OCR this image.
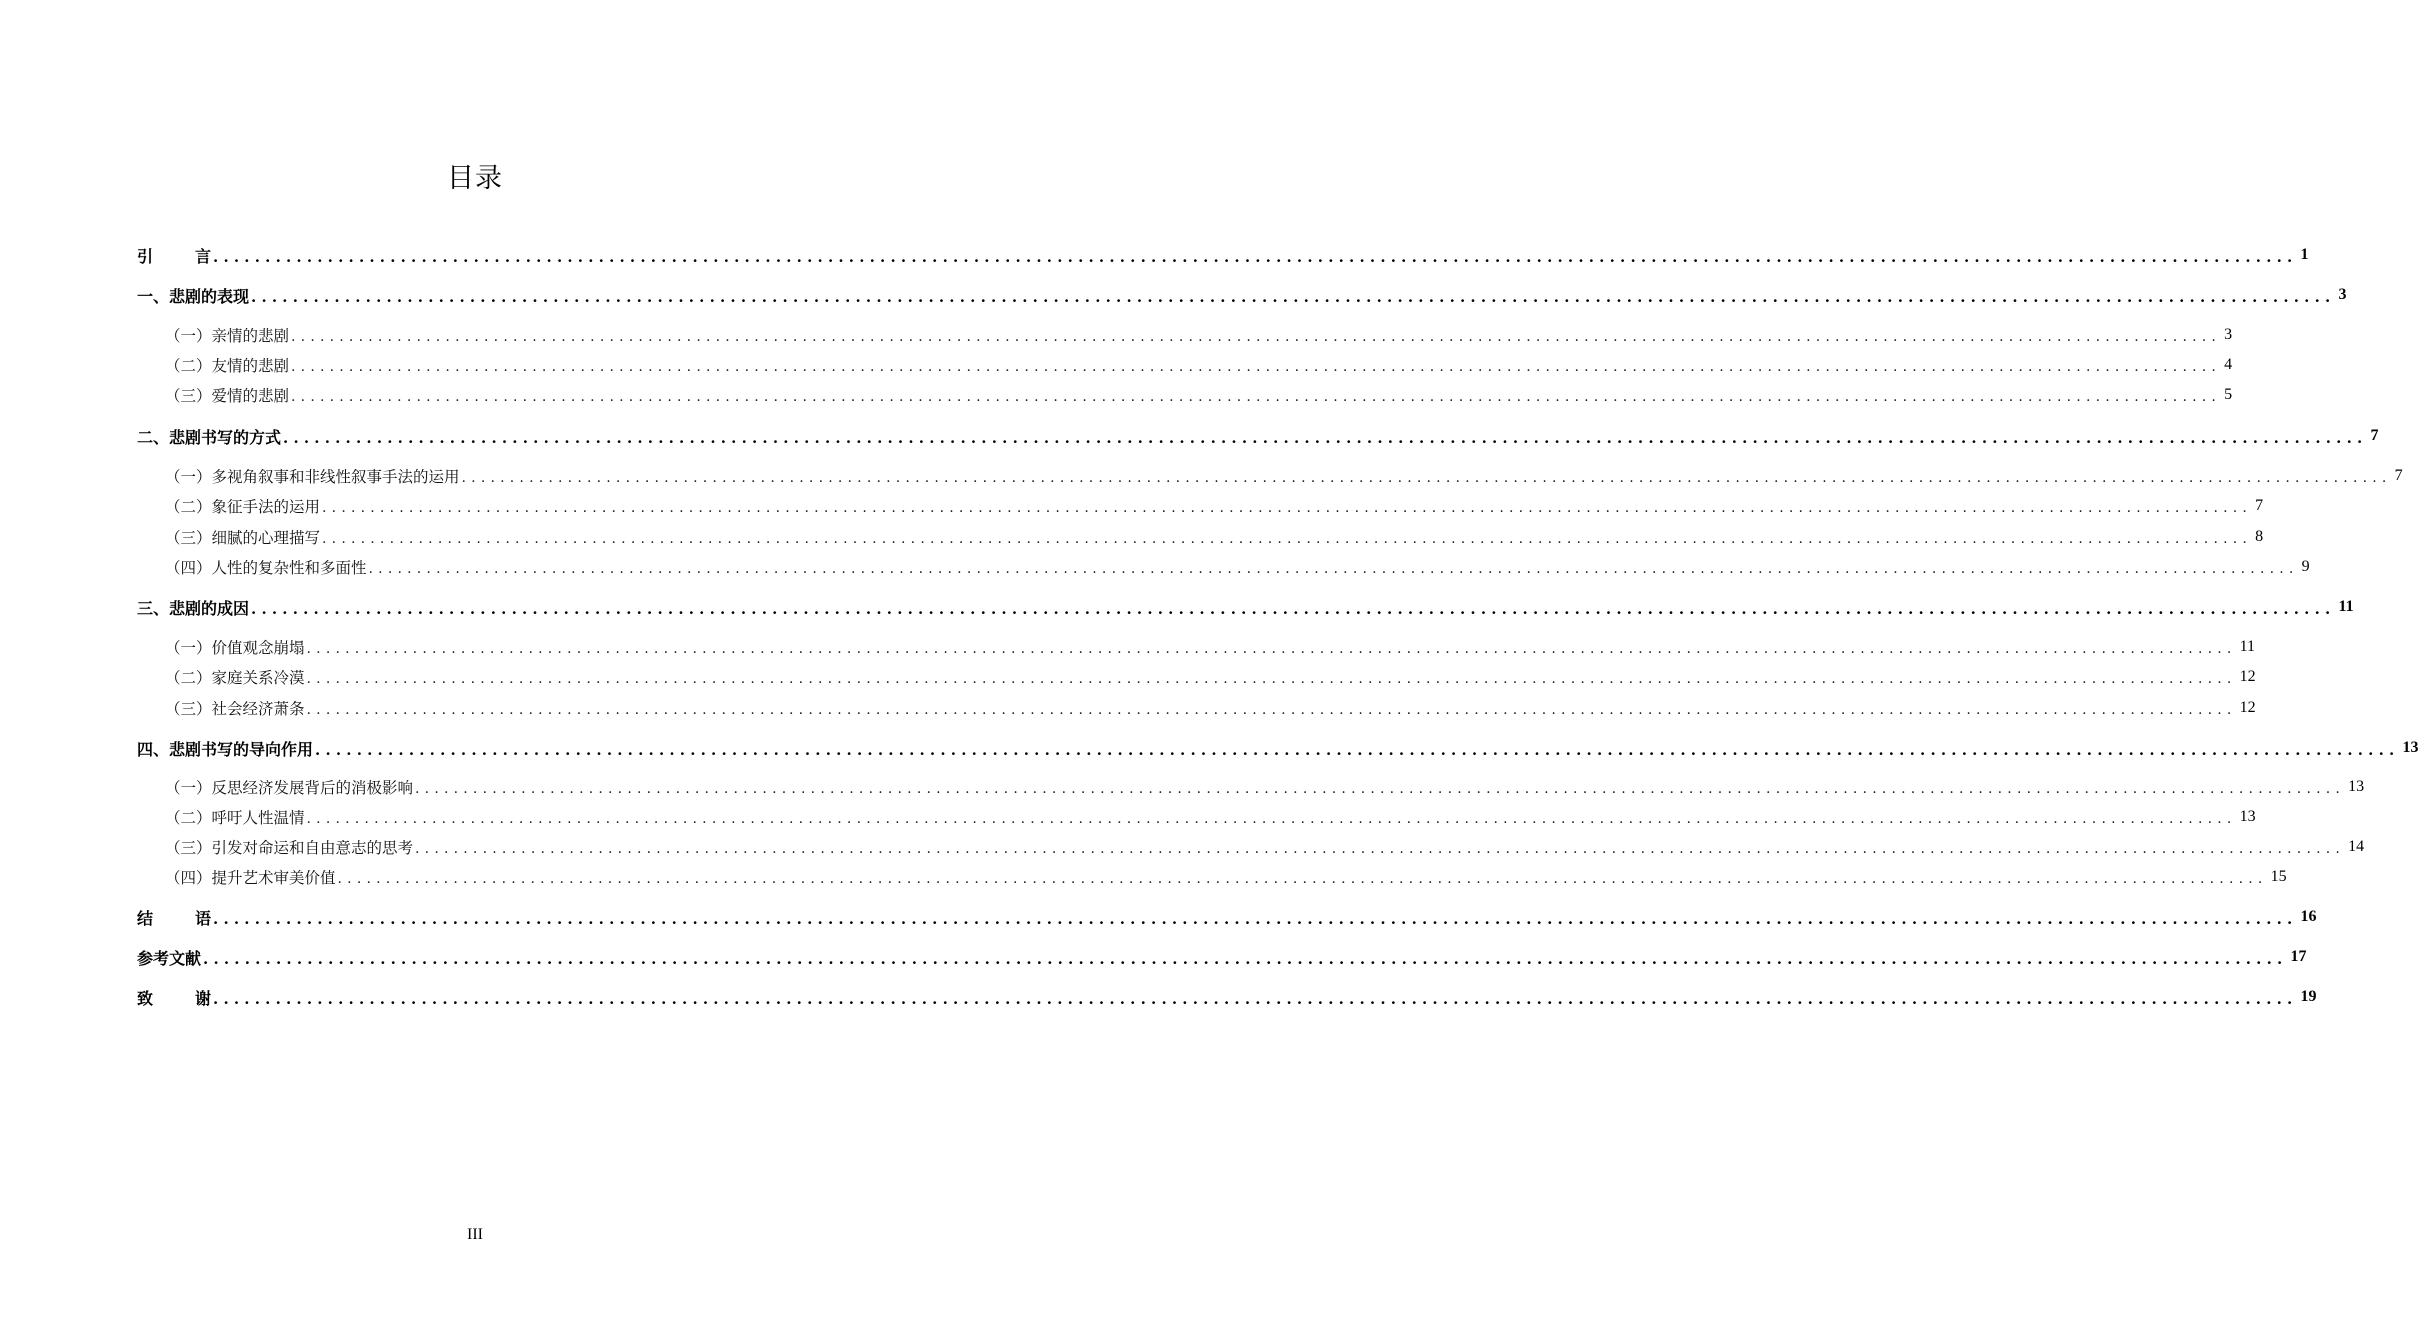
目录
引言 ........................................................................................................................................................................................................ 1
一、悲剧的表现 ........................................................................................................................................................................................................ 3
（一）亲情的悲剧 ........................................................................................................................................................................................................ 3
（二）友情的悲剧 ........................................................................................................................................................................................................ 4
（三）爱情的悲剧 ........................................................................................................................................................................................................ 5
二、悲剧书写的方式 ........................................................................................................................................................................................................ 7
（一）多视角叙事和非线性叙事手法的运用 ........................................................................................................................................................................................................ 7
（二）象征手法的运用 ........................................................................................................................................................................................................ 7
（三）细腻的心理描写 ........................................................................................................................................................................................................ 8
（四）人性的复杂性和多面性 ........................................................................................................................................................................................................ 9
三、悲剧的成因 ........................................................................................................................................................................................................ 11
（一）价值观念崩塌 ........................................................................................................................................................................................................ 11
（二）家庭关系冷漠 ........................................................................................................................................................................................................ 12
（三）社会经济萧条 ........................................................................................................................................................................................................ 12
四、悲剧书写的导向作用 ........................................................................................................................................................................................................ 13
（一）反思经济发展背后的消极影响 ........................................................................................................................................................................................................ 13
（二）呼吁人性温情 ........................................................................................................................................................................................................ 13
（三）引发对命运和自由意志的思考 ........................................................................................................................................................................................................ 14
（四）提升艺术审美价值 ........................................................................................................................................................................................................ 15
结语 ........................................................................................................................................................................................................ 16
参考文献 ........................................................................................................................................................................................................ 17
致谢 ........................................................................................................................................................................................................ 19
III
